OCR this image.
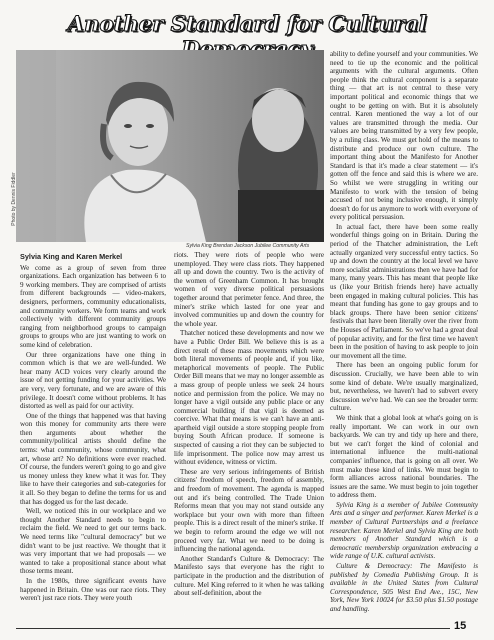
Another Standard for Cultural
Photo by Dennis Fiddler
Sylvia King Brendan Jackson Jubilee Community Arts
Sylvia King and Karen Merkel

We come as a group of seven from three organizations. Each organization has between 6 to 9 working members. They are comprised of artists from different backgrounds — video-makers, designers, performers, community educationalists, and community workers. We form teams and work collectively with different community groups ranging from neighborhood groups to campaign groups to groups who are just wanting to work on some kind of celebration.

Our three organizations have one thing in common which is that we are well-funded. We hear many ACD voices very clearly around the issue of not getting funding for your activities. We are very, very fortunate, and we are aware of this privilege. It doesn't come without problems. It has distorted as well as paid for our activity.

One of the things that happened was that having won this money for community arts there were then arguments about whether the community/political artists should define the terms: what community, whose community, what art, whose art? No definitions were ever reached. Of course, the funders weren't going to go and give us money unless they knew what it was for. They like to have their categories and sub-categories for it all. So they began to define the terms for us and that has dogged us for the last decade.

Well, we noticed this in our workplace and we thought Another Standard needs to begin to reclaim the field. We need to get our terms back. We need terms like "cultural democracy" but we didn't want to be just reactive. We thought that it was very important that we had proposals — we wanted to take a propositional stance about what those terms meant.

In the 1980s, three significant events have happened in Britain. One was our race riots. They weren't just race riots. They were youth

riots. They were riots of people who were unemployed. They were class riots. They happened all up and down the country. Two is the activity of the women of Greenham Common. It has brought women of very diverse political persuasions together around that perimeter fence. And three, the miner's strike which lasted for one year and involved communities up and down the country for the whole year.

Thatcher noticed these developments and now we have a Public Order Bill. We believe this is as a direct result of these mass movements which were both literal movements of people and, if you like, metaphorical movements of people. The Public Order Bill means that we may no longer assemble as a mass group of people unless we seek 24 hours notice and permission from the police. We may no longer have a vigil outside any public place or any commercial building if that vigil is deemed as coercive. What that means is we can't have an anti-apartheid vigil outside a store stopping people from buying South African produce. If someone is suspected of causing a riot they can be subjected to life imprisonment. The police now may arrest us without evidence, witness or victim.

These are very serious infringements of British citizens' freedom of speech, freedom of assembly, and freedom of movement. The agenda is mapped out and it's being controlled. The Trade Union Reforms mean that you may not stand outside any workplace but your own with more than fifteen people. This is a direct result of the miner's strike. If we begin to reform around the edge we will not proceed very far. What we need to be doing is influencing the national agenda.

Another Standard's Culture & Democracy: The Manifesto says that everyone has the right to participate in the production and the distribution of culture. Mel King referred to it when he was talking about self-definition, about the

ability to define yourself and your communities. We need to tie up the economic and the political arguments with the cultural arguments. Often people think the cultural component is a separate thing — that art is not central to these very important political and economic things that we ought to be getting on with. But it is absolutely central. Karen mentioned the way a lot of our values are transmitted through the media. Our values are being transmitted by a very few people, by a ruling class. We must get hold of the means to distribute and produce our own culture. The important thing about the Manifesto for Another Standard is that it's made a clear statement — it's gotten off the fence and said this is where we are. So whilst we were struggling in writing our Manifesto to work with the tension of being accused of not being inclusive enough, it simply doesn't do for us anymore to work with everyone of every political persuasion.

In actual fact, there have been some really wonderful things going on in Britain. During the period of the Thatcher administration, the Left actually organized very successful entry tactics. So up and down the country at the local level we have more socialist administrations then we have had for many, many years. This has meant that people like us (like your British friends here) have actually been engaged in making cultural policies. This has meant that funding has gone to gay groups and to black groups. There have been senior citizens' festivals that have been literally over the river from the Houses of Parliament. So we've had a great deal of popular activity, and for the first time we haven't been in the position of having to ask people to join our movement all the time.

There has been an ongoing public forum for discussion. Crucially, we have been able to win some kind of debate. We're usually marginalized, but, nevertheless, we haven't had to subvert every discussion we've had. We can see the broader term: culture.

We think that a global look at what's going on is really important. We can work in our own backyards. We can try and tidy up here and there, but we can't forget the kind of colonial and international influence the multi-national companies' influence, that is going on all over. We must make these kind of links. We must begin to form alliances across national boundaries. The issues are the same. We must begin to join together to address them.

Sylvia King is a member of Jubilee Community Arts and a singer and performer. Karen Merkel is a member of Cultural Partnerships and a freelance researcher. Karen Merkel and Sylvia King are both members of Another Standard which is a democratic membership organization embracing a wide range of U.K. cultural activists.

Culture & Democracy: The Manifesto is published by Comedia Publishing Group. It is available in the United States from Cultural Correspondence, 505 West End Ave., 15C, New York, New York 10024 for $3.50 plus $1.50 postage and handling.

15
